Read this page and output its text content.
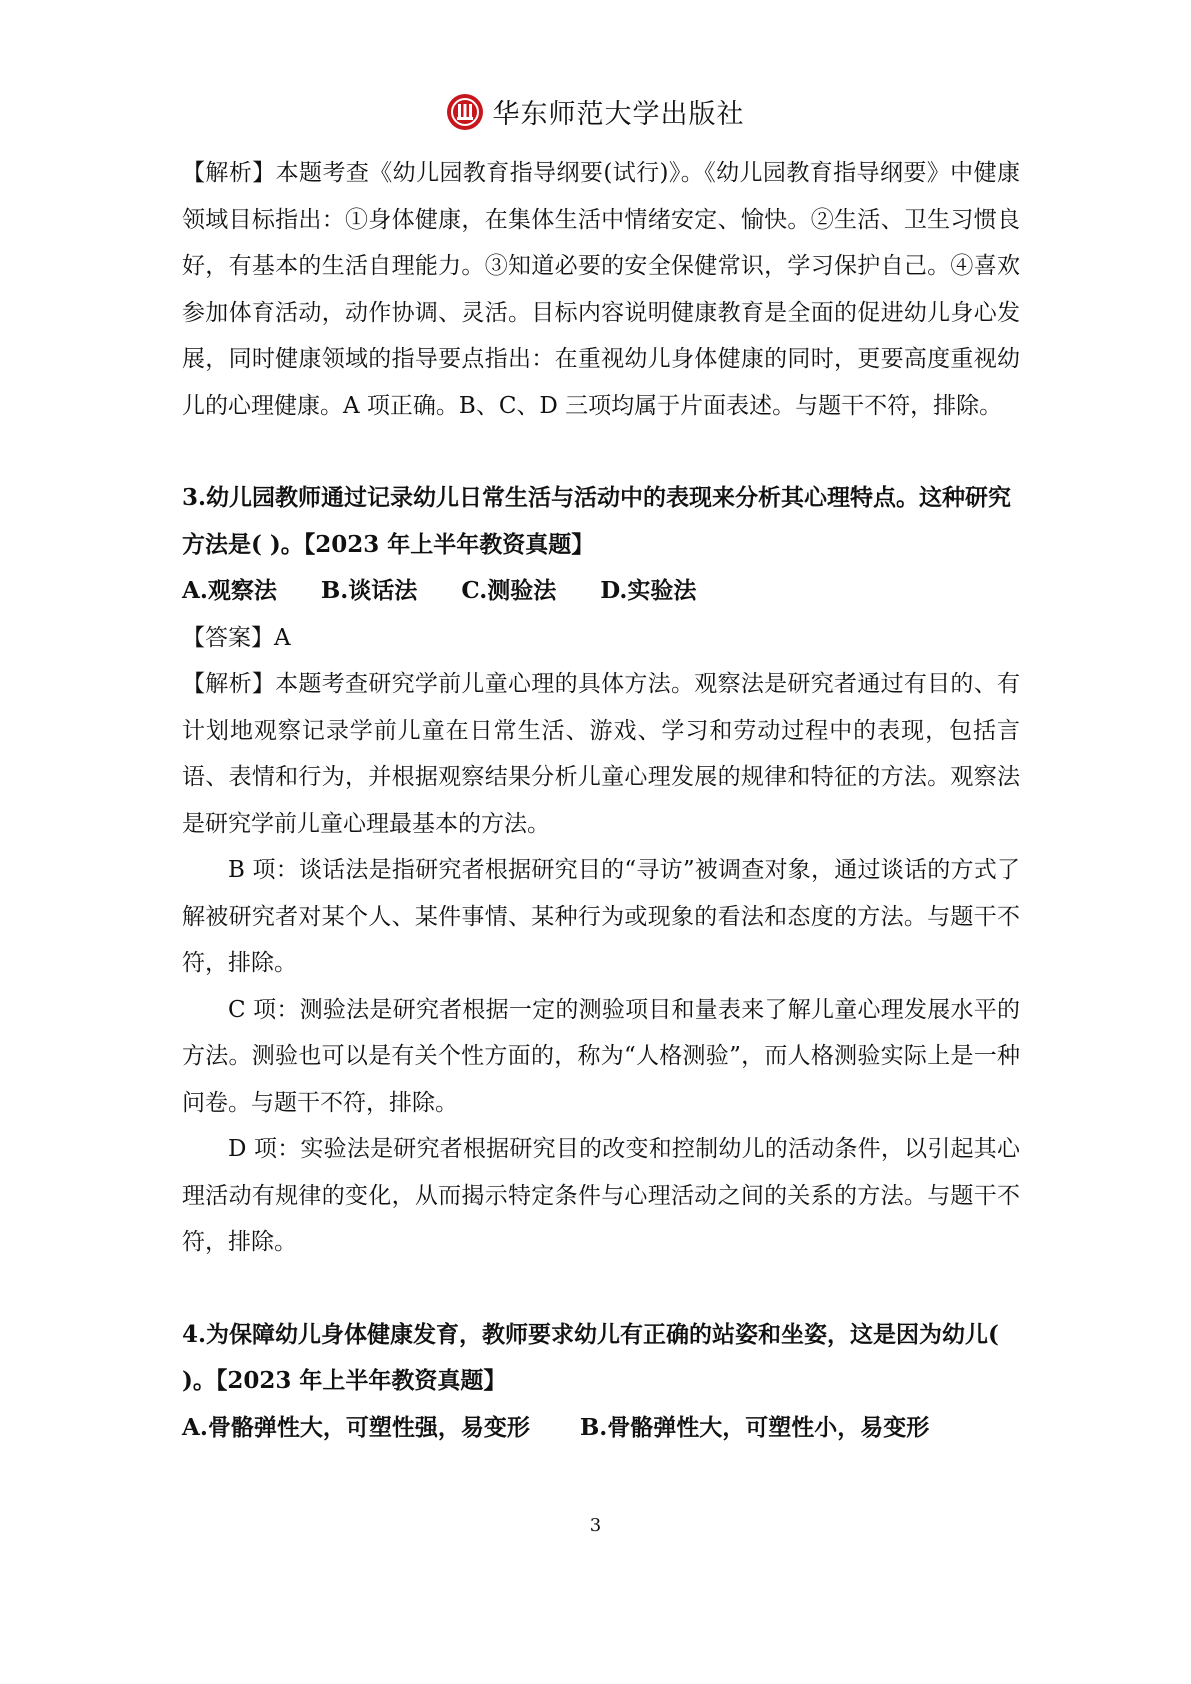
华东师范大学出版社

【解析】本题考查《幼儿园教育指导纲要(试行)》。《幼儿园教育指导纲要》中健康领域目标指出：①身体健康，在集体生活中情绪安定、愉快。②生活、卫生习惯良好，有基本的生活自理能力。③知道必要的安全保健常识，学习保护自己。④喜欢参加体育活动，动作协调、灵活。目标内容说明健康教育是全面的促进幼儿身心发展，同时健康领域的指导要点指出：在重视幼儿身体健康的同时，更要高度重视幼儿的心理健康。A 项正确。B、C、D 三项均属于片面表述。与题干不符，排除。

3.幼儿园教师通过记录幼儿日常生活与活动中的表现来分析其心理特点。这种研究方法是( )。【2023 年上半年教资真题】

A.观察法 B.谈话法 C.测验法 D.实验法

【答案】A

【解析】本题考查研究学前儿童心理的具体方法。观察法是研究者通过有目的、有计划地观察记录学前儿童在日常生活、游戏、学习和劳动过程中的表现，包括言语、表情和行为，并根据观察结果分析儿童心理发展的规律和特征的方法。观察法是研究学前儿童心理最基本的方法。

B 项：谈话法是指研究者根据研究目的“寻访”被调查对象，通过谈话的方式了解被研究者对某个人、某件事情、某种行为或现象的看法和态度的方法。与题干不符，排除。

C 项：测验法是研究者根据一定的测验项目和量表来了解儿童心理发展水平的方法。测验也可以是有关个性方面的，称为“人格测验”，而人格测验实际上是一种问卷。与题干不符，排除。

D 项：实验法是研究者根据研究目的改变和控制幼儿的活动条件，以引起其心理活动有规律的变化，从而揭示特定条件与心理活动之间的关系的方法。与题干不符，排除。

4.为保障幼儿身体健康发育，教师要求幼儿有正确的站姿和坐姿，这是因为幼儿( )。【2023 年上半年教资真题】

A.骨骼弹性大，可塑性强，易变形 B.骨骼弹性大，可塑性小，易变形
3
